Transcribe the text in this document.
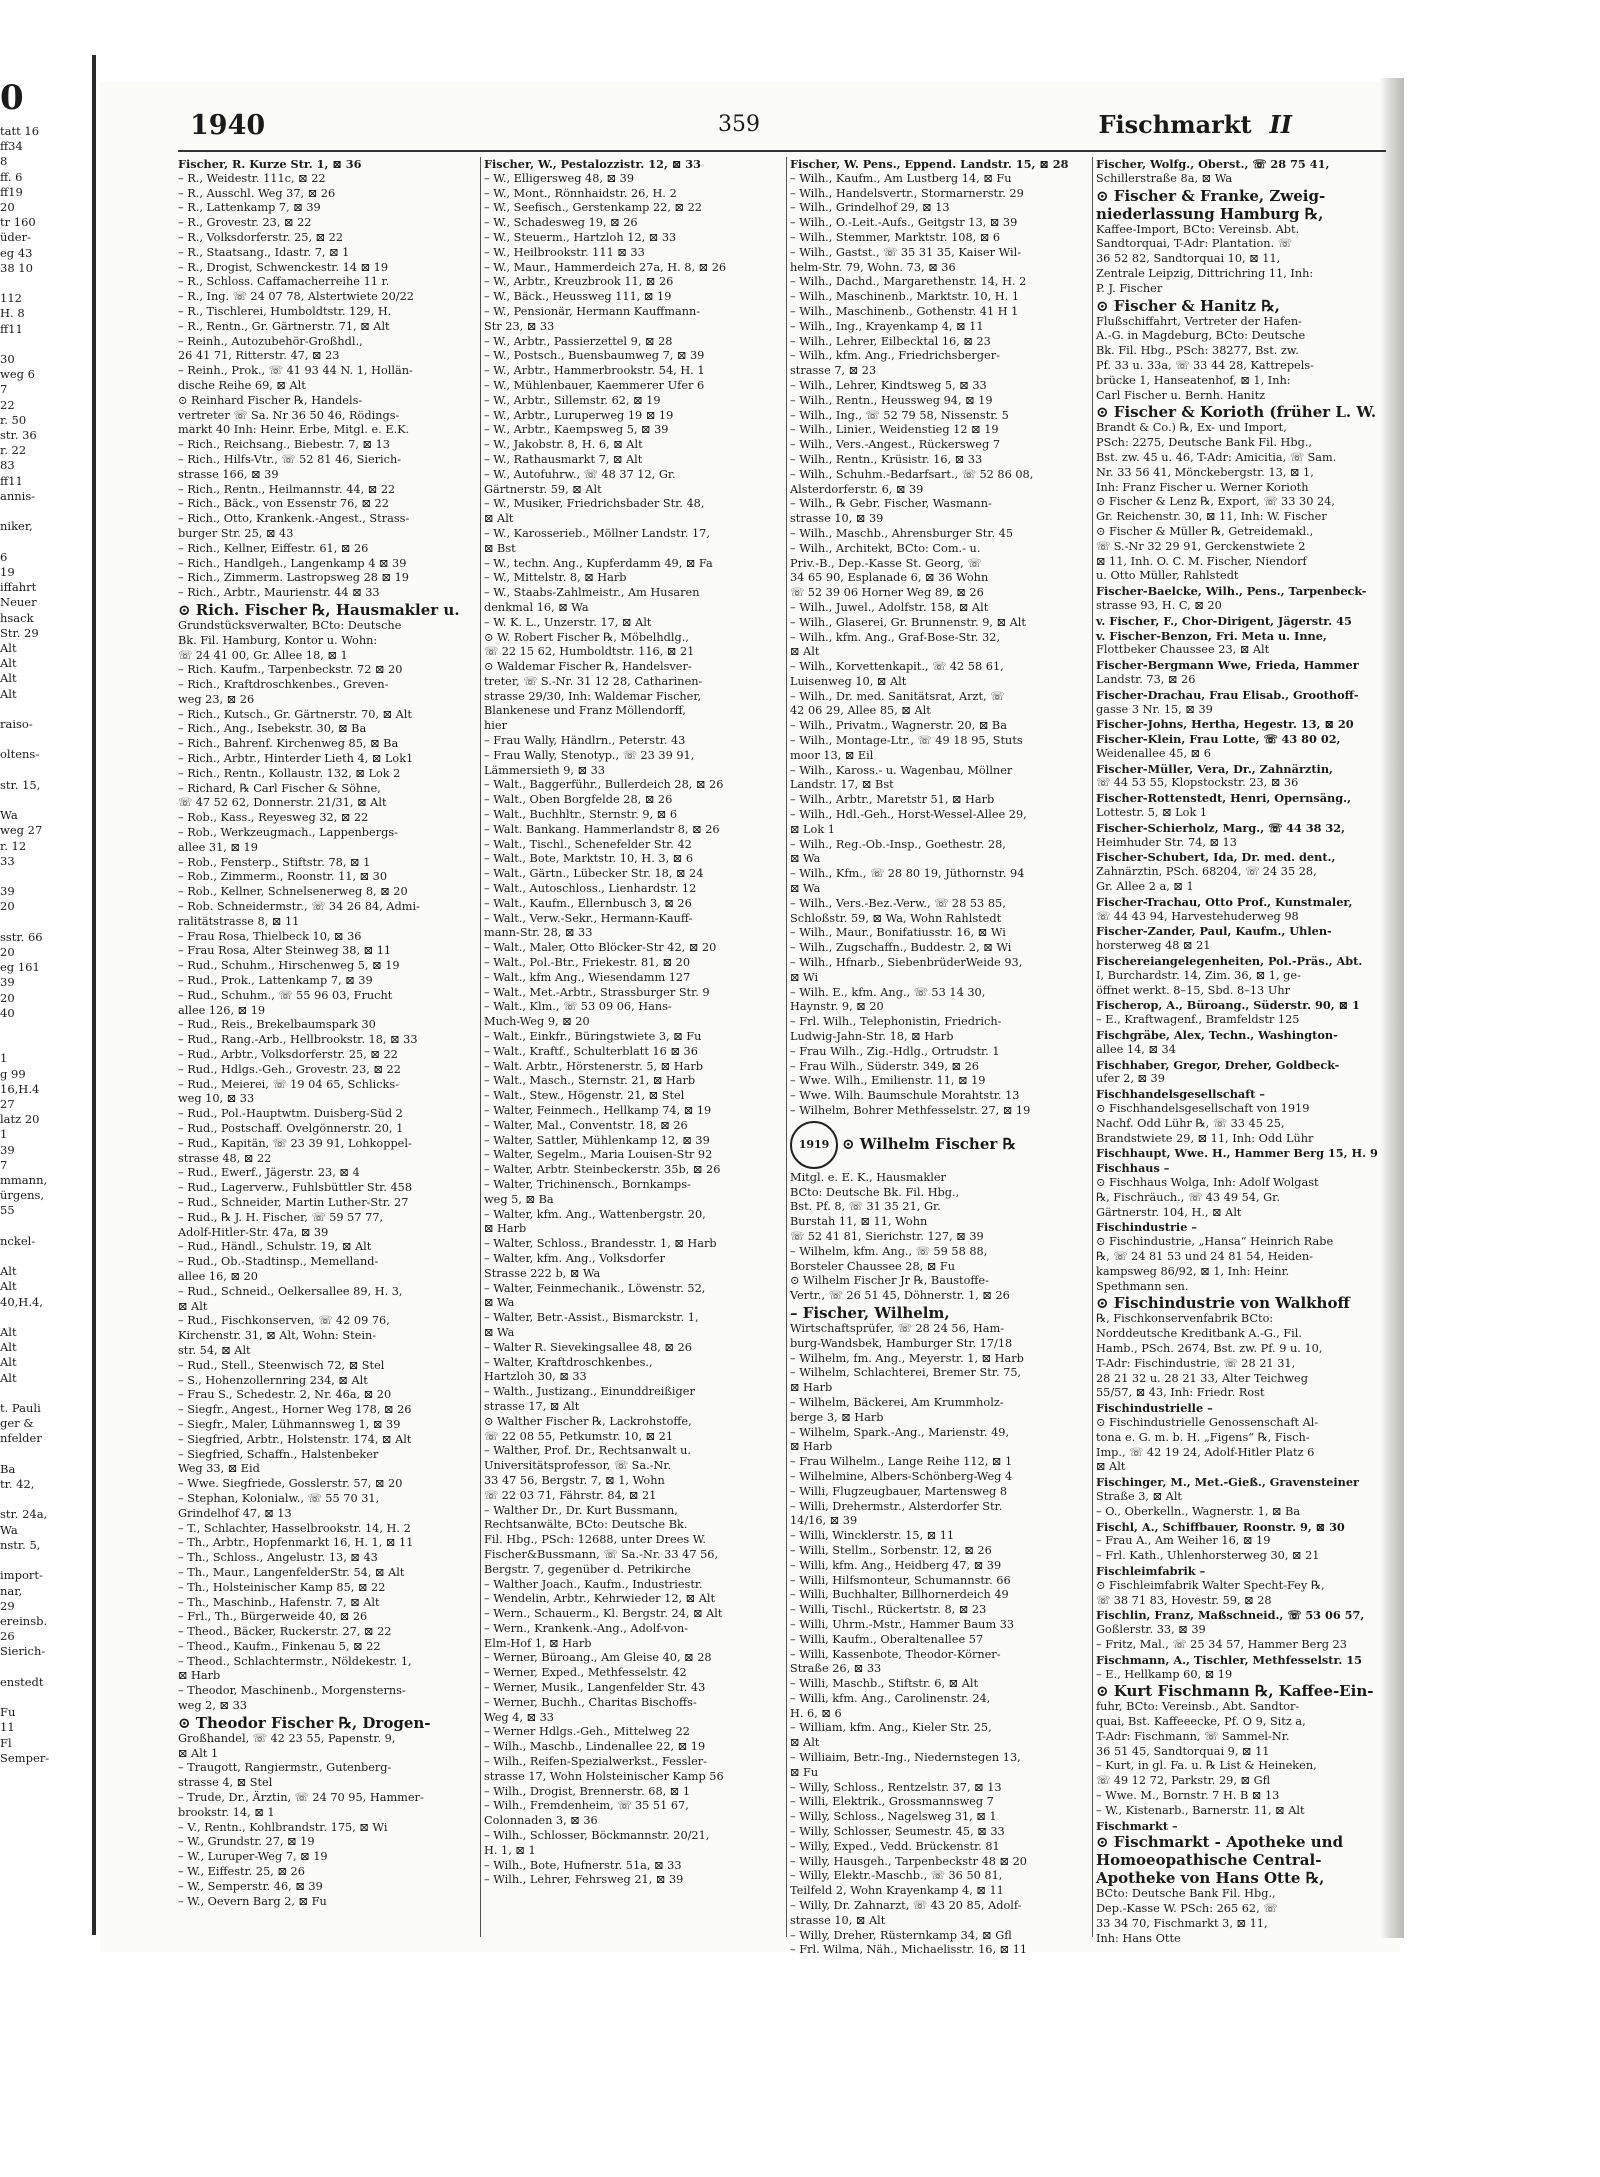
0
tatt 16
ff34
8
ff. 6
ff19
20
tr 160
üder-
eg 43
38 10

112
H. 8
ff11

30
weg 6
7
22
r. 50
str. 36
r. 22
83
ff11
annis-

niker,

6
19
iffahrt
Neuer
hsack
Str. 29
Alt
Alt
Alt
Alt

raiso-

oltens-

str. 15,

Wa
weg 27
r. 12
33

39
20

sstr. 66
20
eg 161
39
20
40

1
g 99
16,H.4
27
latz 20
1
39
7
mmann,
ürgens,
55

nckel-

Alt
Alt
40,H.4,

Alt
Alt
Alt
Alt

t. Pauli
ger &
nfelder

Ba
tr. 42,

str. 24a,
Wa
nstr. 5,

import-
nar,
29
ereinsb.
26
Sierich-

enstedt

Fu
11
Fl
Semper-
1940	359	Fischmarkt II
Fischer, R. Kurze Str. 1, ⊠ 36
– R., Weidestr. 111c, ⊠ 22
– R., Ausschl. Weg 37, ⊠ 26
– R., Lattenkamp 7, ⊠ 39
– R., Grovestr. 23, ⊠ 22
– R., Volksdorferstr. 25, ⊠ 22
– R., Staatsang., Idastr. 7, ⊠ 1
– R., Drogist, Schwenckestr. 14 ⊠ 19
– R., Schloss. Caffamacherreihe 11 r.
– R., Ing. ☏ 24 07 78, Alstertwiete 20/22
– R., Tischlerei, Humboldtstr. 129, H.
– R., Rentn., Gr. Gärtnerstr. 71, ⊠ Alt
– Reinh., Autozubehör-Großhdl.,
26 41 71, Ritterstr. 47, ⊠ 23
– Reinh., Prok., ☏ 41 93 44 N. 1, Hollän-
dische Reihe 69, ⊠ Alt
⊙ Reinhard Fischer ℞, Handels-
vertreter ☏ Sa. Nr 36 50 46, Rödings-
markt 40 Inh: Heinr. Erbe, Mitgl. e. E.K.
– Rich., Reichsang., Biebestr. 7, ⊠ 13
– Rich., Hilfs-Vtr., ☏ 52 81 46, Sierich-
strasse 166, ⊠ 39
– Rich., Rentn., Heilmannstr. 44, ⊠ 22
– Rich., Bäck., von Essenstr 76, ⊠ 22
– Rich., Otto, Krankenk.-Angest., Strass-
burger Str. 25, ⊠ 43
– Rich., Kellner, Eiffestr. 61, ⊠ 26
– Rich., Handlgeh., Langenkamp 4 ⊠ 39
– Rich., Zimmerm. Lastropsweg 28 ⊠ 19
– Rich., Arbtr., Maurienstr. 44 ⊠ 33
⊙ Rich. Fischer ℞, Hausmakler u.
Grundstücksverwalter, BCto: Deutsche
Bk. Fil. Hamburg, Kontor u. Wohn:
☏ 24 41 00, Gr. Allee 18, ⊠ 1
– Rich. Kaufm., Tarpenbeckstr. 72 ⊠ 20
– Rich., Kraftdroschkenbes., Greven-
weg 23, ⊠ 26
– Rich., Kutsch., Gr. Gärtnerstr. 70, ⊠ Alt
– Rich., Ang., Isebekstr. 30, ⊠ Ba
– Rich., Bahrenf. Kirchenweg 85, ⊠ Ba
– Rich., Arbtr., Hinterder Lieth 4, ⊠ Lok1
– Rich., Rentn., Kollaustr. 132, ⊠ Lok 2
– Richard, ℞ Carl Fischer & Söhne,
☏ 47 52 62, Donnerstr. 21/31, ⊠ Alt
– Rob., Kass., Reyesweg 32, ⊠ 22
– Rob., Werkzeugmach., Lappenbergs-
allee 31, ⊠ 19
– Rob., Fensterp., Stiftstr. 78, ⊠ 1
– Rob., Zimmerm., Roonstr. 11, ⊠ 30
– Rob., Kellner, Schnelsenerweg 8, ⊠ 20
– Rob. Schneidermstr., ☏ 34 26 84, Admi-
ralitätstrasse 8, ⊠ 11
– Frau Rosa, Thielbeck 10, ⊠ 36
– Frau Rosa, Alter Steinweg 38, ⊠ 11
– Rud., Schuhm., Hirschenweg 5, ⊠ 19
– Rud., Prok., Lattenkamp 7, ⊠ 39
– Rud., Schuhm., ☏ 55 96 03, Frucht
allee 126, ⊠ 19
– Rud., Reis., Brekelbaumspark 30
– Rud., Rang.-Arb., Hellbrookstr. 18, ⊠ 33
– Rud., Arbtr., Volksdorferstr. 25, ⊠ 22
– Rud., Hdlgs.-Geh., Grovestr. 23, ⊠ 22
– Rud., Meierei, ☏ 19 04 65, Schlicks-
weg 10, ⊠ 33
– Rud., Pol.-Hauptwtm. Duisberg-Süd 2
– Rud., Postschaff. Ovelgönnerstr. 20, 1
– Rud., Kapitän, ☏ 23 39 91, Lohkoppel-
strasse 48, ⊠ 22
– Rud., Ewerf., Jägerstr. 23, ⊠ 4
– Rud., Lagerverw., Fuhlsbüttler Str. 458
– Rud., Schneider, Martin Luther-Str. 27
– Rud., ℞ J. H. Fischer, ☏ 59 57 77,
Adolf-Hitler-Str. 47a, ⊠ 39
– Rud., Händl., Schulstr. 19, ⊠ Alt
– Rud., Ob.-Stadtinsp., Memelland-
allee 16, ⊠ 20
– Rud., Schneid., Oelkersallee 89, H. 3,
⊠ Alt
– Rud., Fischkonserven, ☏ 42 09 76,
Kirchenstr. 31, ⊠ Alt, Wohn: Stein-
str. 54, ⊠ Alt
– Rud., Stell., Steenwisch 72, ⊠ Stel
– S., Hohenzollernring 234, ⊠ Alt
– Frau S., Schedestr. 2, Nr. 46a, ⊠ 20
– Siegfr., Angest., Horner Weg 178, ⊠ 26
– Siegfr., Maler, Lühmannsweg 1, ⊠ 39
– Siegfried, Arbtr., Holstenstr. 174, ⊠ Alt
– Siegfried, Schaffn., Halstenbeker
Weg 33, ⊠ Eid
– Wwe. Siegfriede, Gosslerstr. 57, ⊠ 20
– Stephan, Kolonialw., ☏ 55 70 31,
Grindelhof 47, ⊠ 13
– T., Schlachter, Hasselbrookstr. 14, H. 2
– Th., Arbtr., Hopfenmarkt 16, H. 1, ⊠ 11
– Th., Schloss., Angelustr. 13, ⊠ 43
– Th., Maur., LangenfelderStr. 54, ⊠ Alt
– Th., Holsteinischer Kamp 85, ⊠ 22
– Th., Maschinb., Hafenstr. 7, ⊠ Alt
– Frl., Th., Bürgerweide 40, ⊠ 26
– Theod., Bäcker, Ruckerstr. 27, ⊠ 22
– Theod., Kaufm., Finkenau 5, ⊠ 22
– Theod., Schlachtermstr., Nöldekestr. 1,
⊠ Harb
– Theodor, Maschinenb., Morgensterns-
weg 2, ⊠ 33
⊙ Theodor Fischer ℞, Drogen-
Großhandel, ☏ 42 23 55, Papenstr. 9,
⊠ Alt 1
– Traugott, Rangiermstr., Gutenberg-
strasse 4, ⊠ Stel
– Trude, Dr., Ärztin, ☏ 24 70 95, Hammer-
brookstr. 14, ⊠ 1
– V., Rentn., Kohlbrandstr. 175, ⊠ Wi
– W., Grundstr. 27, ⊠ 19
– W., Luruper-Weg 7, ⊠ 19
– W., Eiffestr. 25, ⊠ 26
– W., Semperstr. 46, ⊠ 39
– W., Oevern Barg 2, ⊠ Fu
Fischer, W., Pestalozzistr. 12, ⊠ 33
– W., Elligersweg 48, ⊠ 39
– W., Mont., Rönnhaidstr. 26, H. 2
– W., Seefisch., Gerstenkamp 22, ⊠ 22
– W., Schadesweg 19, ⊠ 26
– W., Steuerm., Hartzloh 12, ⊠ 33
– W., Heilbrookstr. 111 ⊠ 33
– W., Maur., Hammerdeich 27a, H. 8, ⊠ 26
– W., Arbtr., Kreuzbrook 11, ⊠ 26
– W., Bäck., Heussweg 111, ⊠ 19
– W., Pensionär, Hermann Kauffmann-
Str 23, ⊠ 33
– W., Arbtr., Passierzettel 9, ⊠ 28
– W., Postsch., Buensbaumweg 7, ⊠ 39
– W., Arbtr., Hammerbrookstr. 54, H. 1
– W., Mühlenbauer, Kaemmerer Ufer 6
– W., Arbtr., Sillemstr. 62, ⊠ 19
– W., Arbtr., Luruperweg 19 ⊠ 19
– W., Arbtr., Kaempsweg 5, ⊠ 39
– W., Jakobstr. 8, H. 6, ⊠ Alt
– W., Rathausmarkt 7, ⊠ Alt
– W., Autofuhrw., ☏ 48 37 12, Gr.
Gärtnerstr. 59, ⊠ Alt
– W., Musiker, Friedrichsbader Str. 48,
⊠ Alt
– W., Karosserieb., Möllner Landstr. 17,
⊠ Bst
– W., techn. Ang., Kupferdamm 49, ⊠ Fa
– W., Mittelstr. 8, ⊠ Harb
– W., Staabs-Zahlmeistr., Am Husaren
denkmal 16, ⊠ Wa
– W. K. L., Unzerstr. 17, ⊠ Alt
⊙ W. Robert Fischer ℞, Möbelhdlg.,
☏ 22 15 62, Humboldtstr. 116, ⊠ 21
⊙ Waldemar Fischer ℞, Handelsver-
treter, ☏ S.-Nr. 31 12 28, Catharinen-
strasse 29/30, Inh: Waldemar Fischer,
Blankenese und Franz Möllendorff,
hier
– Frau Wally, Händlrn., Peterstr. 43
– Frau Wally, Stenotyp., ☏ 23 39 91,
Lämmersieth 9, ⊠ 33
– Walt., Baggerführ., Bullerdeich 28, ⊠ 26
– Walt., Oben Borgfelde 28, ⊠ 26
– Walt., Buchhltr., Sternstr. 9, ⊠ 6
– Walt. Bankang. Hammerlandstr 8, ⊠ 26
– Walt., Tischl., Schenefelder Str. 42
– Walt., Bote, Marktstr. 10, H. 3, ⊠ 6
– Walt., Gärtn., Lübecker Str. 18, ⊠ 24
– Walt., Autoschloss., Lienhardstr. 12
– Walt., Kaufm., Ellernbusch 3, ⊠ 26
– Walt., Verw.-Sekr., Hermann-Kauff-
mann-Str. 28, ⊠ 33
– Walt., Maler, Otto Blöcker-Str 42, ⊠ 20
– Walt., Pol.-Btr., Friekestr. 81, ⊠ 20
– Walt., kfm Ang., Wiesendamm 127
– Walt., Met.-Arbtr., Strassburger Str. 9
– Walt., Klm., ☏ 53 09 06, Hans-
Much-Weg 9, ⊠ 20
– Walt., Einkfr., Büringstwiete 3, ⊠ Fu
– Walt., Kraftf., Schulterblatt 16 ⊠ 36
– Walt. Arbtr., Hörstenerstr. 5, ⊠ Harb
– Walt., Masch., Sternstr. 21, ⊠ Harb
– Walt., Stew., Högenstr. 21, ⊠ Stel
– Walter, Feinmech., Hellkamp 74, ⊠ 19
– Walter, Mal., Conventstr. 18, ⊠ 26
– Walter, Sattler, Mühlenkamp 12, ⊠ 39
– Walter, Segelm., Maria Louisen-Str 92
– Walter, Arbtr. Steinbeckerstr. 35b, ⊠ 26
– Walter, Trichinensch., Bornkamps-
weg 5, ⊠ Ba
– Walter, kfm. Ang., Wattenbergstr. 20,
⊠ Harb
– Walter, Schloss., Brandesstr. 1, ⊠ Harb
– Walter, kfm. Ang., Volksdorfer
Strasse 222 b, ⊠ Wa
– Walter, Feinmechanik., Löwenstr. 52,
⊠ Wa
– Walter, Betr.-Assist., Bismarckstr. 1,
⊠ Wa
– Walter R. Sievekingsallee 48, ⊠ 26
– Walter, Kraftdroschkenbes.,
Hartzloh 30, ⊠ 33
– Walth., Justizang., Einunddreißiger
strasse 17, ⊠ Alt
⊙ Walther Fischer ℞, Lackrohstoffe,
☏ 22 08 55, Petkumstr. 10, ⊠ 21
– Walther, Prof. Dr., Rechtsanwalt u.
Universitätsprofessor, ☏ Sa.-Nr.
33 47 56, Bergstr. 7, ⊠ 1, Wohn
☏ 22 03 71, Fährstr. 84, ⊠ 21
– Walther Dr., Dr. Kurt Bussmann,
Rechtsanwälte, BCto: Deutsche Bk.
Fil. Hbg., PSch: 12688, unter Drees W.
Fischer&Bussmann, ☏ Sa.-Nr. 33 47 56,
Bergstr. 7, gegenüber d. Petrikirche
– Walther Joach., Kaufm., Industriestr.
– Wendelin, Arbtr., Kehrwieder 12, ⊠ Alt
– Wern., Schauerm., Kl. Bergstr. 24, ⊠ Alt
– Wern., Krankenk.-Ang., Adolf-von-
Elm-Hof 1, ⊠ Harb
– Werner, Büroang., Am Gleise 40, ⊠ 28
– Werner, Exped., Methfesselstr. 42
– Werner, Musik., Langenfelder Str. 43
– Werner, Buchh., Charitas Bischoffs-
Weg 4, ⊠ 33
– Werner Hdlgs.-Geh., Mittelweg 22
– Wilh., Maschb., Lindenallee 22, ⊠ 19
– Wilh., Reifen-Spezialwerkst., Fessler-
strasse 17, Wohn Holsteinischer Kamp 56
– Wilh., Drogist, Brennerstr. 68, ⊠ 1
– Wilh., Fremdenheim, ☏ 35 51 67,
Colonnaden 3, ⊠ 36
– Wilh., Schlosser, Böckmannstr. 20/21,
H. 1, ⊠ 1
– Wilh., Bote, Hufnerstr. 51a, ⊠ 33
– Wilh., Lehrer, Fehrsweg 21, ⊠ 39
Fischer, W. Pens., Eppend. Landstr. 15, ⊠ 28
– Wilh., Kaufm., Am Lustberg 14, ⊠ Fu
– Wilh., Handelsvertr., Stormarnerstr. 29
– Wilh., Grindelhof 29, ⊠ 13
– Wilh., O.-Leit.-Aufs., Geitgstr 13, ⊠ 39
– Wilh., Stemmer, Marktstr. 108, ⊠ 6
– Wilh., Gastst., ☏ 35 31 35, Kaiser Wil-
helm-Str. 79, Wohn. 73, ⊠ 36
– Wilh., Dachd., Margarethenstr. 14, H. 2
– Wilh., Maschinenb., Marktstr. 10, H. 1
– Wilh., Maschinenb., Gothenstr. 41 H 1
– Wilh., Ing., Krayenkamp 4, ⊠ 11
– Wilh., Lehrer, Eilbecktal 16, ⊠ 23
– Wilh., kfm. Ang., Friedrichsberger-
strasse 7, ⊠ 23
– Wilh., Lehrer, Kindtsweg 5, ⊠ 33
– Wilh., Rentn., Heussweg 94, ⊠ 19
– Wilh., Ing., ☏ 52 79 58, Nissenstr. 5
– Wilh., Linier., Weidenstieg 12 ⊠ 19
– Wilh., Vers.-Angest., Rückersweg 7
– Wilh., Rentn., Krüsistr. 16, ⊠ 33
– Wilh., Schuhm.-Bedarfsart., ☏ 52 86 08,
Alsterdorferstr. 6, ⊠ 39
– Wilh., ℞ Gebr. Fischer, Wasmann-
strasse 10, ⊠ 39
– Wilh., Maschb., Ahrensburger Str. 45
– Wilh., Architekt, BCto: Com.- u.
Priv.-B., Dep.-Kasse St. Georg, ☏
34 65 90, Esplanade 6, ⊠ 36 Wohn
☏ 52 39 06 Horner Weg 89, ⊠ 26
– Wilh., Juwel., Adolfstr. 158, ⊠ Alt
– Wilh., Glaserei, Gr. Brunnenstr. 9, ⊠ Alt
– Wilh., kfm. Ang., Graf-Bose-Str. 32,
⊠ Alt
– Wilh., Korvettenkapit., ☏ 42 58 61,
Luisenweg 10, ⊠ Alt
– Wilh., Dr. med. Sanitätsrat, Arzt, ☏
42 06 29, Allee 85, ⊠ Alt
– Wilh., Privatm., Wagnerstr. 20, ⊠ Ba
– Wilh., Montage-Ltr., ☏ 49 18 95, Stuts
moor 13, ⊠ Eil
– Wilh., Kaross.- u. Wagenbau, Möllner
Landstr. 17, ⊠ Bst
– Wilh., Arbtr., Maretstr 51, ⊠ Harb
– Wilh., Hdl.-Geh., Horst-Wessel-Allee 29,
⊠ Lok 1
– Wilh., Reg.-Ob.-Insp., Goethestr. 28,
⊠ Wa
– Wilh., Kfm., ☏ 28 80 19, Jüthornstr. 94
⊠ Wa
– Wilh., Vers.-Bez.-Verw., ☏ 28 53 85,
Schloßstr. 59, ⊠ Wa, Wohn Rahlstedt
– Wilh., Maur., Bonifatiusstr. 16, ⊠ Wi
– Wilh., Zugschaffn., Buddestr. 2, ⊠ Wi
– Wilh., Hfnarb., SiebenbrüderWeide 93,
⊠ Wi
– Wilh. E., kfm. Ang., ☏ 53 14 30,
Haynstr. 9, ⊠ 20
– Frl. Wilh., Telephonistin, Friedrich-
Ludwig-Jahn-Str. 18, ⊠ Harb
– Frau Wilh., Zig.-Hdlg., Ortrudstr. 1
– Frau Wilh., Süderstr. 349, ⊠ 26
– Wwe. Wilh., Emilienstr. 11, ⊠ 19
– Wwe. Wilh. Baumschule Morahtstr. 13
– Wilhelm, Bohrer Methfesselstr. 27, ⊠ 19
1919 ⊙ Wilhelm Fischer ℞
Mitgl. e. E. K., Hausmakler
BCto: Deutsche Bk. Fil. Hbg.,
Bst. Pf. 8, ☏ 31 35 21, Gr.
Burstah 11, ⊠ 11, Wohn
☏ 52 41 81, Sierichstr. 127, ⊠ 39
– Wilhelm, kfm. Ang., ☏ 59 58 88,
Borsteler Chaussee 28, ⊠ Fu
⊙ Wilhelm Fischer Jr ℞, Baustoffe-
Vertr., ☏ 26 51 45, Döhnerstr. 1, ⊠ 26
– Fischer, Wilhelm,
Wirtschaftsprüfer, ☏ 28 24 56, Ham-
burg-Wandsbek, Hamburger Str. 17/18
– Wilhelm, fm. Ang., Meyerstr. 1, ⊠ Harb
– Wilhelm, Schlachterei, Bremer Str. 75,
⊠ Harb
– Wilhelm, Bäckerei, Am Krummholz-
berge 3, ⊠ Harb
– Wilhelm, Spark.-Ang., Marienstr. 49,
⊠ Harb
– Frau Wilhelm., Lange Reihe 112, ⊠ 1
– Wilhelmine, Albers-Schönberg-Weg 4
– Willi, Flugzeugbauer, Martensweg 8
– Willi, Drehermstr., Alsterdorfer Str.
14/16, ⊠ 39
– Willi, Wincklerstr. 15, ⊠ 11
– Willi, Stellm., Sorbenstr. 12, ⊠ 26
– Willi, kfm. Ang., Heidberg 47, ⊠ 39
– Willi, Hilfsmonteur, Schumannstr. 66
– Willi, Buchhalter, Billhornerdeich 49
– Willi, Tischl., Rückertstr. 8, ⊠ 23
– Willi, Uhrm.-Mstr., Hammer Baum 33
– Willi, Kaufm., Oberaltenallee 57
– Willi, Kassenbote, Theodor-Körner-
Straße 26, ⊠ 33
– Willi, Maschb., Stiftstr. 6, ⊠ Alt
– Willi, kfm. Ang., Carolinenstr. 24,
H. 6, ⊠ 6
– William, kfm. Ang., Kieler Str. 25,
⊠ Alt
– Williaim, Betr.-Ing., Niedernstegen 13,
⊠ Fu
– Willy, Schloss., Rentzelstr. 37, ⊠ 13
– Willi, Elektrik., Grossmannsweg 7
– Willy, Schloss., Nagelsweg 31, ⊠ 1
– Willy, Schlosser, Seumestr. 45, ⊠ 33
– Willy, Exped., Vedd. Brückenstr. 81
– Willy, Hausgeh., Tarpenbeckstr 48 ⊠ 20
– Willy, Elektr.-Maschb., ☏ 36 50 81,
Teilfeld 2, Wohn Krayenkamp 4, ⊠ 11
– Willy, Dr. Zahnarzt, ☏ 43 20 85, Adolf-
strasse 10, ⊠ Alt
– Willy, Dreher, Rüsternkamp 34, ⊠ Gfl
– Frl. Wilma, Näh., Michaelisstr. 16, ⊠ 11
Fischer, Wolfg., Oberst., ☏ 28 75 41,
Schillerstraße 8a, ⊠ Wa
⊙ Fischer & Franke, Zweig-
niederlassung Hamburg ℞,
Kaffee-Import, BCto: Vereinsb. Abt.
Sandtorquai, T-Adr: Plantation. ☏
36 52 82, Sandtorquai 10, ⊠ 11,
Zentrale Leipzig, Dittrichring 11, Inh:
P. J. Fischer
⊙ Fischer & Hanitz ℞,
Flußschiffahrt, Vertreter der Hafen-
A.-G. in Magdeburg, BCto: Deutsche
Bk. Fil. Hbg., PSch: 38277, Bst. zw.
Pf. 33 u. 33a, ☏ 33 44 28, Kattrepels-
brücke 1, Hanseatenhof, ⊠ 1, Inh:
Carl Fischer u. Bernh. Hanitz
⊙ Fischer & Korioth (früher L. W.
Brandt & Co.) ℞, Ex- und Import,
PSch: 2275, Deutsche Bank Fil. Hbg.,
Bst. zw. 45 u. 46, T-Adr: Amicitia, ☏ Sam.
Nr. 33 56 41, Mönckebergstr. 13, ⊠ 1,
Inh: Franz Fischer u. Werner Korioth
⊙ Fischer & Lenz ℞, Export, ☏ 33 30 24,
Gr. Reichenstr. 30, ⊠ 11, Inh: W. Fischer
⊙ Fischer & Müller ℞, Getreidemakl.,
☏ S.-Nr 32 29 91, Gerckenstwiete 2
⊠ 11, Inh. O. C. M. Fischer, Niendorf
u. Otto Müller, Rahlstedt
Fischer-Baelcke, Wilh., Pens., Tarpenbeck-
strasse 93, H. C, ⊠ 20
v. Fischer, F., Chor-Dirigent, Jägerstr. 45
v. Fischer-Benzon, Fri. Meta u. Inne,
Flottbeker Chaussee 23, ⊠ Alt
Fischer-Bergmann Wwe, Frieda, Hammer
Landstr. 73, ⊠ 26
Fischer-Drachau, Frau Elisab., Groothoff-
gasse 3 Nr. 15, ⊠ 39
Fischer-Johns, Hertha, Hegestr. 13, ⊠ 20
Fischer-Klein, Frau Lotte, ☏ 43 80 02,
Weidenallee 45, ⊠ 6
Fischer-Müller, Vera, Dr., Zahnärztin,
☏ 44 53 55, Klopstockstr. 23, ⊠ 36
Fischer-Rottenstedt, Henri, Opernsäng.,
Lottestr. 5, ⊠ Lok 1
Fischer-Schierholz, Marg., ☏ 44 38 32,
Heimhuder Str. 74, ⊠ 13
Fischer-Schubert, Ida, Dr. med. dent.,
Zahnärztin, PSch. 68204, ☏ 24 35 28,
Gr. Allee 2 a, ⊠ 1
Fischer-Trachau, Otto Prof., Kunstmaler,
☏ 44 43 94, Harvestehuderweg 98
Fischer-Zander, Paul, Kaufm., Uhlen-
horsterweg 48 ⊠ 21
Fischereiangelegenheiten, Pol.-Präs., Abt.
I, Burchardstr. 14, Zim. 36, ⊠ 1, ge-
öffnet werkt. 8–15, Sbd. 8–13 Uhr
Fischerop, A., Büroang., Süderstr. 90, ⊠ 1
– E., Kraftwagenf., Bramfeldstr 125
Fischgräbe, Alex, Techn., Washington-
allee 14, ⊠ 34
Fischhaber, Gregor, Dreher, Goldbeck-
ufer 2, ⊠ 39
Fischhandelsgesellschaft –
⊙ Fischhandelsgesellschaft von 1919
Nachf. Odd Lühr ℞, ☏ 33 45 25,
Brandstwiete 29, ⊠ 11, Inh: Odd Lühr
Fischhaupt, Wwe. H., Hammer Berg 15, H. 9
Fischhaus –
⊙ Fischhaus Wolga, Inh: Adolf Wolgast
℞, Fischräuch., ☏ 43 49 54, Gr.
Gärtnerstr. 104, H., ⊠ Alt
Fischindustrie –
⊙ Fischindustrie, „Hansa“ Heinrich Rabe
℞, ☏ 24 81 53 und 24 81 54, Heiden-
kampsweg 86/92, ⊠ 1, Inh: Heinr.
Spethmann sen.
⊙ Fischindustrie von Walkhoff
℞, Fischkonservenfabrik BCto:
Norddeutsche Kreditbank A.-G., Fil.
Hamb., PSch. 2674, Bst. zw. Pf. 9 u. 10,
T-Adr: Fischindustrie, ☏ 28 21 31,
28 21 32 u. 28 21 33, Alter Teichweg
55/57, ⊠ 43, Inh: Friedr. Rost
Fischindustrielle –
⊙ Fischindustrielle Genossenschaft Al-
tona e. G. m. b. H. „Figens“ ℞, Fisch-
Imp., ☏ 42 19 24, Adolf-Hitler Platz 6
⊠ Alt
Fischinger, M., Met.-Gieß., Gravensteiner
Straße 3, ⊠ Alt
– O., Oberkelln., Wagnerstr. 1, ⊠ Ba
Fischl, A., Schiffbauer, Roonstr. 9, ⊠ 30
– Frau A., Am Weiher 16, ⊠ 19
– Frl. Kath., Uhlenhorsterweg 30, ⊠ 21
Fischleimfabrik –
⊙ Fischleimfabrik Walter Specht-Fey ℞,
☏ 38 71 83, Hovestr. 59, ⊠ 28
Fischlin, Franz, Maßschneid., ☏ 53 06 57,
Goßlerstr. 33, ⊠ 39
– Fritz, Mal., ☏ 25 34 57, Hammer Berg 23
Fischmann, A., Tischler, Methfesselstr. 15
– E., Hellkamp 60, ⊠ 19
⊙ Kurt Fischmann ℞, Kaffee-Ein-
fuhr, BCto: Vereinsb., Abt. Sandtor-
quai, Bst. Kaffeeecke, Pf. O 9, Sitz a,
T-Adr: Fischmann, ☏ Sammel-Nr.
36 51 45, Sandtorquai 9, ⊠ 11
– Kurt, in gl. Fa. u. ℞ List & Heineken,
☏ 49 12 72, Parkstr. 29, ⊠ Gfl
– Wwe. M., Bornstr. 7 H. B ⊠ 13
– W., Kistenarb., Barnerstr. 11, ⊠ Alt
Fischmarkt –
⊙ Fischmarkt - Apotheke und
Homoeopathische Central-
Apotheke von Hans Otte ℞,
BCto: Deutsche Bank Fil. Hbg.,
Dep.-Kasse W. PSch: 265 62, ☏
33 34 70, Fischmarkt 3, ⊠ 11,
Inh: Hans Otte
